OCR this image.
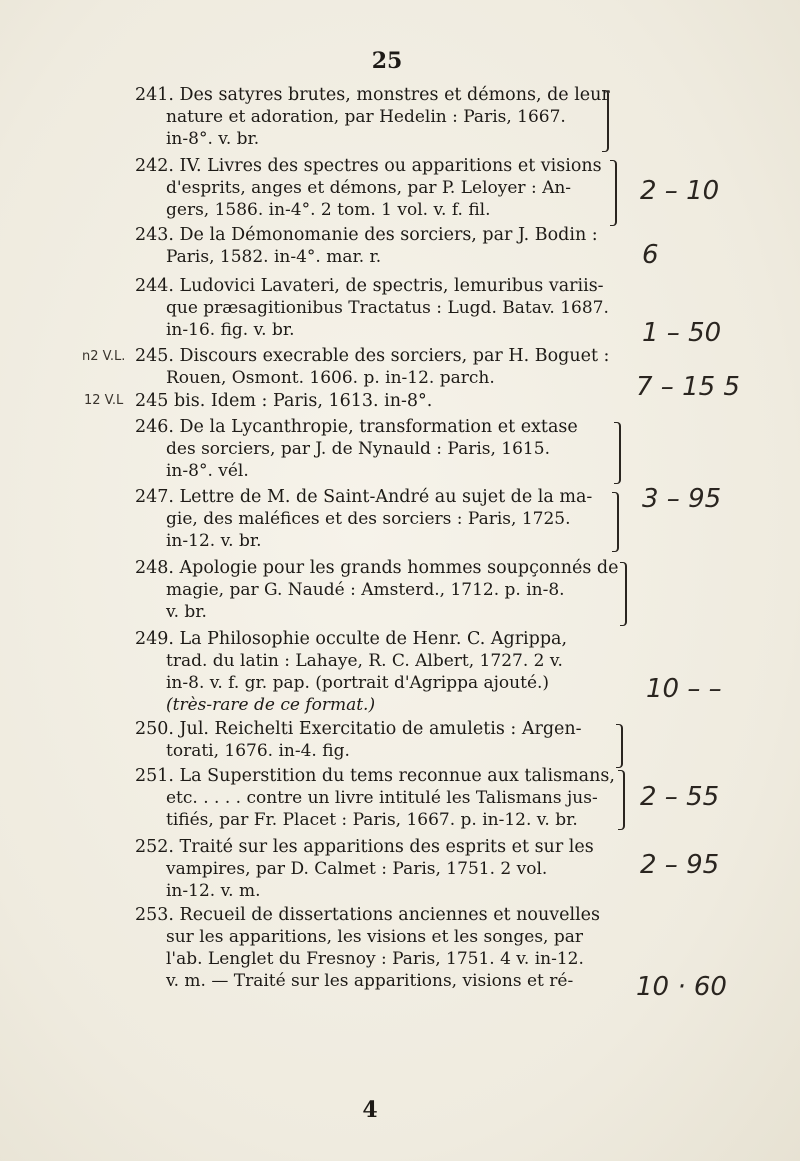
25
241. Des satyres brutes, monstres et démons, de leur
nature et adoration, par Hedelin : Paris, 1667.
in-8°. v. br.
242. IV. Livres des spectres ou apparitions et visions
d'esprits, anges et démons, par P. Leloyer : An-
gers, 1586. in-4°. 2 tom. 1 vol. v. f. fil.
243. De la Démonomanie des sorciers, par J. Bodin :
Paris, 1582. in-4°. mar. r.
244. Ludovici Lavateri, de spectris, lemuribus variis-
que præsagitionibus Tractatus : Lugd. Batav. 1687.
in-16. fig. v. br.
245. Discours execrable des sorciers, par H. Boguet :
Rouen, Osmont. 1606. p. in-12. parch.
245 bis. Idem : Paris, 1613. in-8°.
246. De la Lycanthropie, transformation et extase
des sorciers, par J. de Nynauld : Paris, 1615.
in-8°. vél.
247. Lettre de M. de Saint-André au sujet de la ma-
gie, des maléfices et des sorciers : Paris, 1725.
in-12. v. br.
248. Apologie pour les grands hommes soupçonnés de
magie, par G. Naudé : Amsterd., 1712. p. in-8.
v. br.
249. La Philosophie occulte de Henr. C. Agrippa,
trad. du latin : Lahaye, R. C. Albert, 1727. 2 v.
in-8. v. f. gr. pap. (portrait d'Agrippa ajouté.)
(très-rare de ce format.)
250. Jul. Reichelti Exercitatio de amuletis : Argen-
torati, 1676. in-4. fig.
251. La Superstition du tems reconnue aux talismans,
etc. . . . . contre un livre intitulé les Talismans jus-
tifiés, par Fr. Placet : Paris, 1667. p. in-12. v. br.
252. Traité sur les apparitions des esprits et sur les
vampires, par D. Calmet : Paris, 1751. 2 vol.
in-12. v. m.
253. Recueil de dissertations anciennes et nouvelles
sur les apparitions, les visions et les songes, par
l'ab. Lenglet du Fresnoy : Paris, 1751. 4 v. in-12.
v. m. — Traité sur les apparitions, visions et ré-
2 – 10
6
1 – 50
7 – 15 5
3 – 95
10 – –
2 – 55
2 – 95
10 · 60
n2 V.L.
12 V.L
4
